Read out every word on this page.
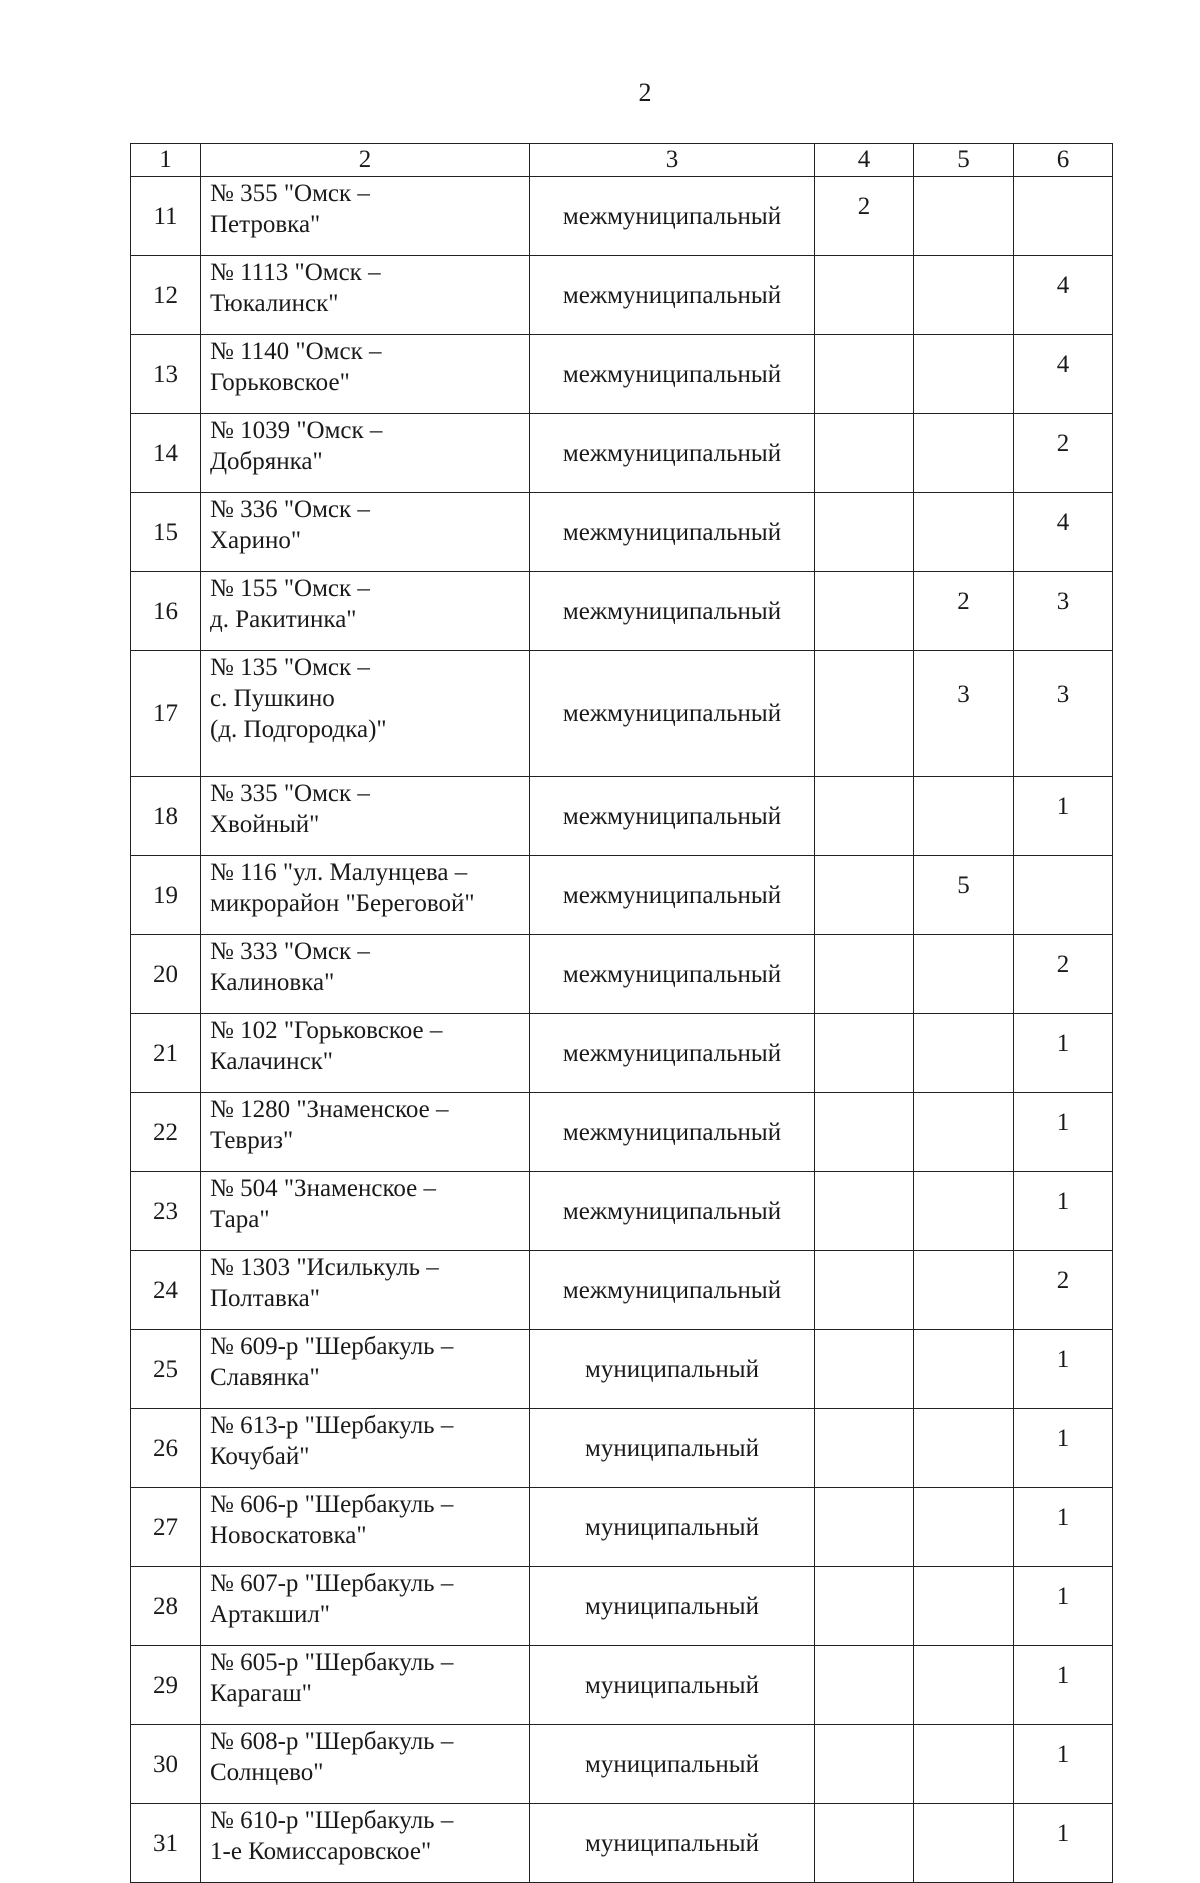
2
1	2	3	4	5	6
11	№ 355 "Омск –
Петровка"	межмуниципальный	2		
12	№ 1113 "Омск –
Тюкалинск"	межмуниципальный			4
13	№ 1140 "Омск –
Горьковское"	межмуниципальный			4
14	№ 1039 "Омск –
Добрянка"	межмуниципальный			2
15	№ 336 "Омск –
Харино"	межмуниципальный			4
16	№ 155 "Омск –
д. Ракитинка"	межмуниципальный		2	3
17	№ 135 "Омск –
с. Пушкино
(д. Подгородка)"	межмуниципальный		3	3
18	№ 335 "Омск –
Хвойный"	межмуниципальный			1
19	№ 116 "ул. Малунцева –
микрорайон "Береговой"	межмуниципальный		5	
20	№ 333 "Омск –
Калиновка"	межмуниципальный			2
21	№ 102 "Горьковское –
Калачинск"	межмуниципальный			1
22	№ 1280 "Знаменское –
Тевриз"	межмуниципальный			1
23	№ 504 "Знаменское –
Тара"	межмуниципальный			1
24	№ 1303 "Исилькуль –
Полтавка"	межмуниципальный			2
25	№ 609-р "Шербакуль –
Славянка"	муниципальный			1
26	№ 613-р "Шербакуль –
Кочубай"	муниципальный			1
27	№ 606-р "Шербакуль –
Новоскатовка"	муниципальный			1
28	№ 607-р "Шербакуль –
Артакшил"	муниципальный			1
29	№ 605-р "Шербакуль –
Карагаш"	муниципальный			1
30	№ 608-р "Шербакуль –
Солнцево"	муниципальный			1
31	№ 610-р "Шербакуль –
1-е Комиссаровское"	муниципальный			1
